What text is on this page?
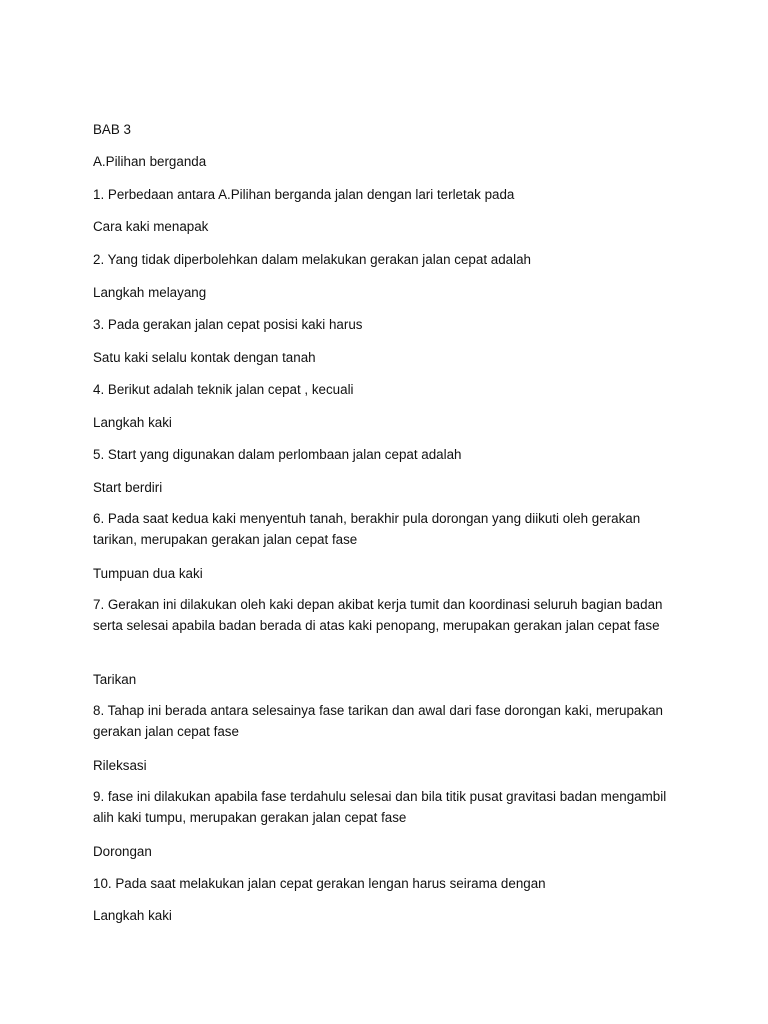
BAB 3
A.Pilihan berganda
1. Perbedaan antara A.Pilihan berganda jalan dengan lari terletak pada
Cara kaki menapak
2. Yang tidak diperbolehkan dalam melakukan gerakan jalan cepat adalah
Langkah melayang
3. Pada gerakan jalan cepat posisi kaki harus
Satu kaki selalu kontak dengan tanah
4. Berikut adalah teknik jalan cepat , kecuali
Langkah kaki
5. Start yang digunakan dalam perlombaan jalan cepat adalah
Start berdiri
6. Pada saat kedua kaki menyentuh tanah, berakhir pula dorongan yang diikuti oleh gerakan tarikan, merupakan gerakan jalan cepat fase
Tumpuan dua kaki
7. Gerakan ini dilakukan oleh kaki depan akibat kerja tumit dan koordinasi seluruh bagian badan serta selesai apabila badan berada di atas kaki penopang, merupakan gerakan jalan cepat fase
Tarikan
8. Tahap ini berada antara selesainya fase tarikan dan awal dari fase dorongan kaki, merupakan gerakan jalan cepat fase
Rileksasi
9. fase ini dilakukan apabila fase terdahulu selesai dan bila titik pusat gravitasi badan mengambil alih kaki tumpu, merupakan gerakan jalan cepat fase
Dorongan
10. Pada saat melakukan jalan cepat gerakan lengan harus seirama dengan
Langkah kaki
